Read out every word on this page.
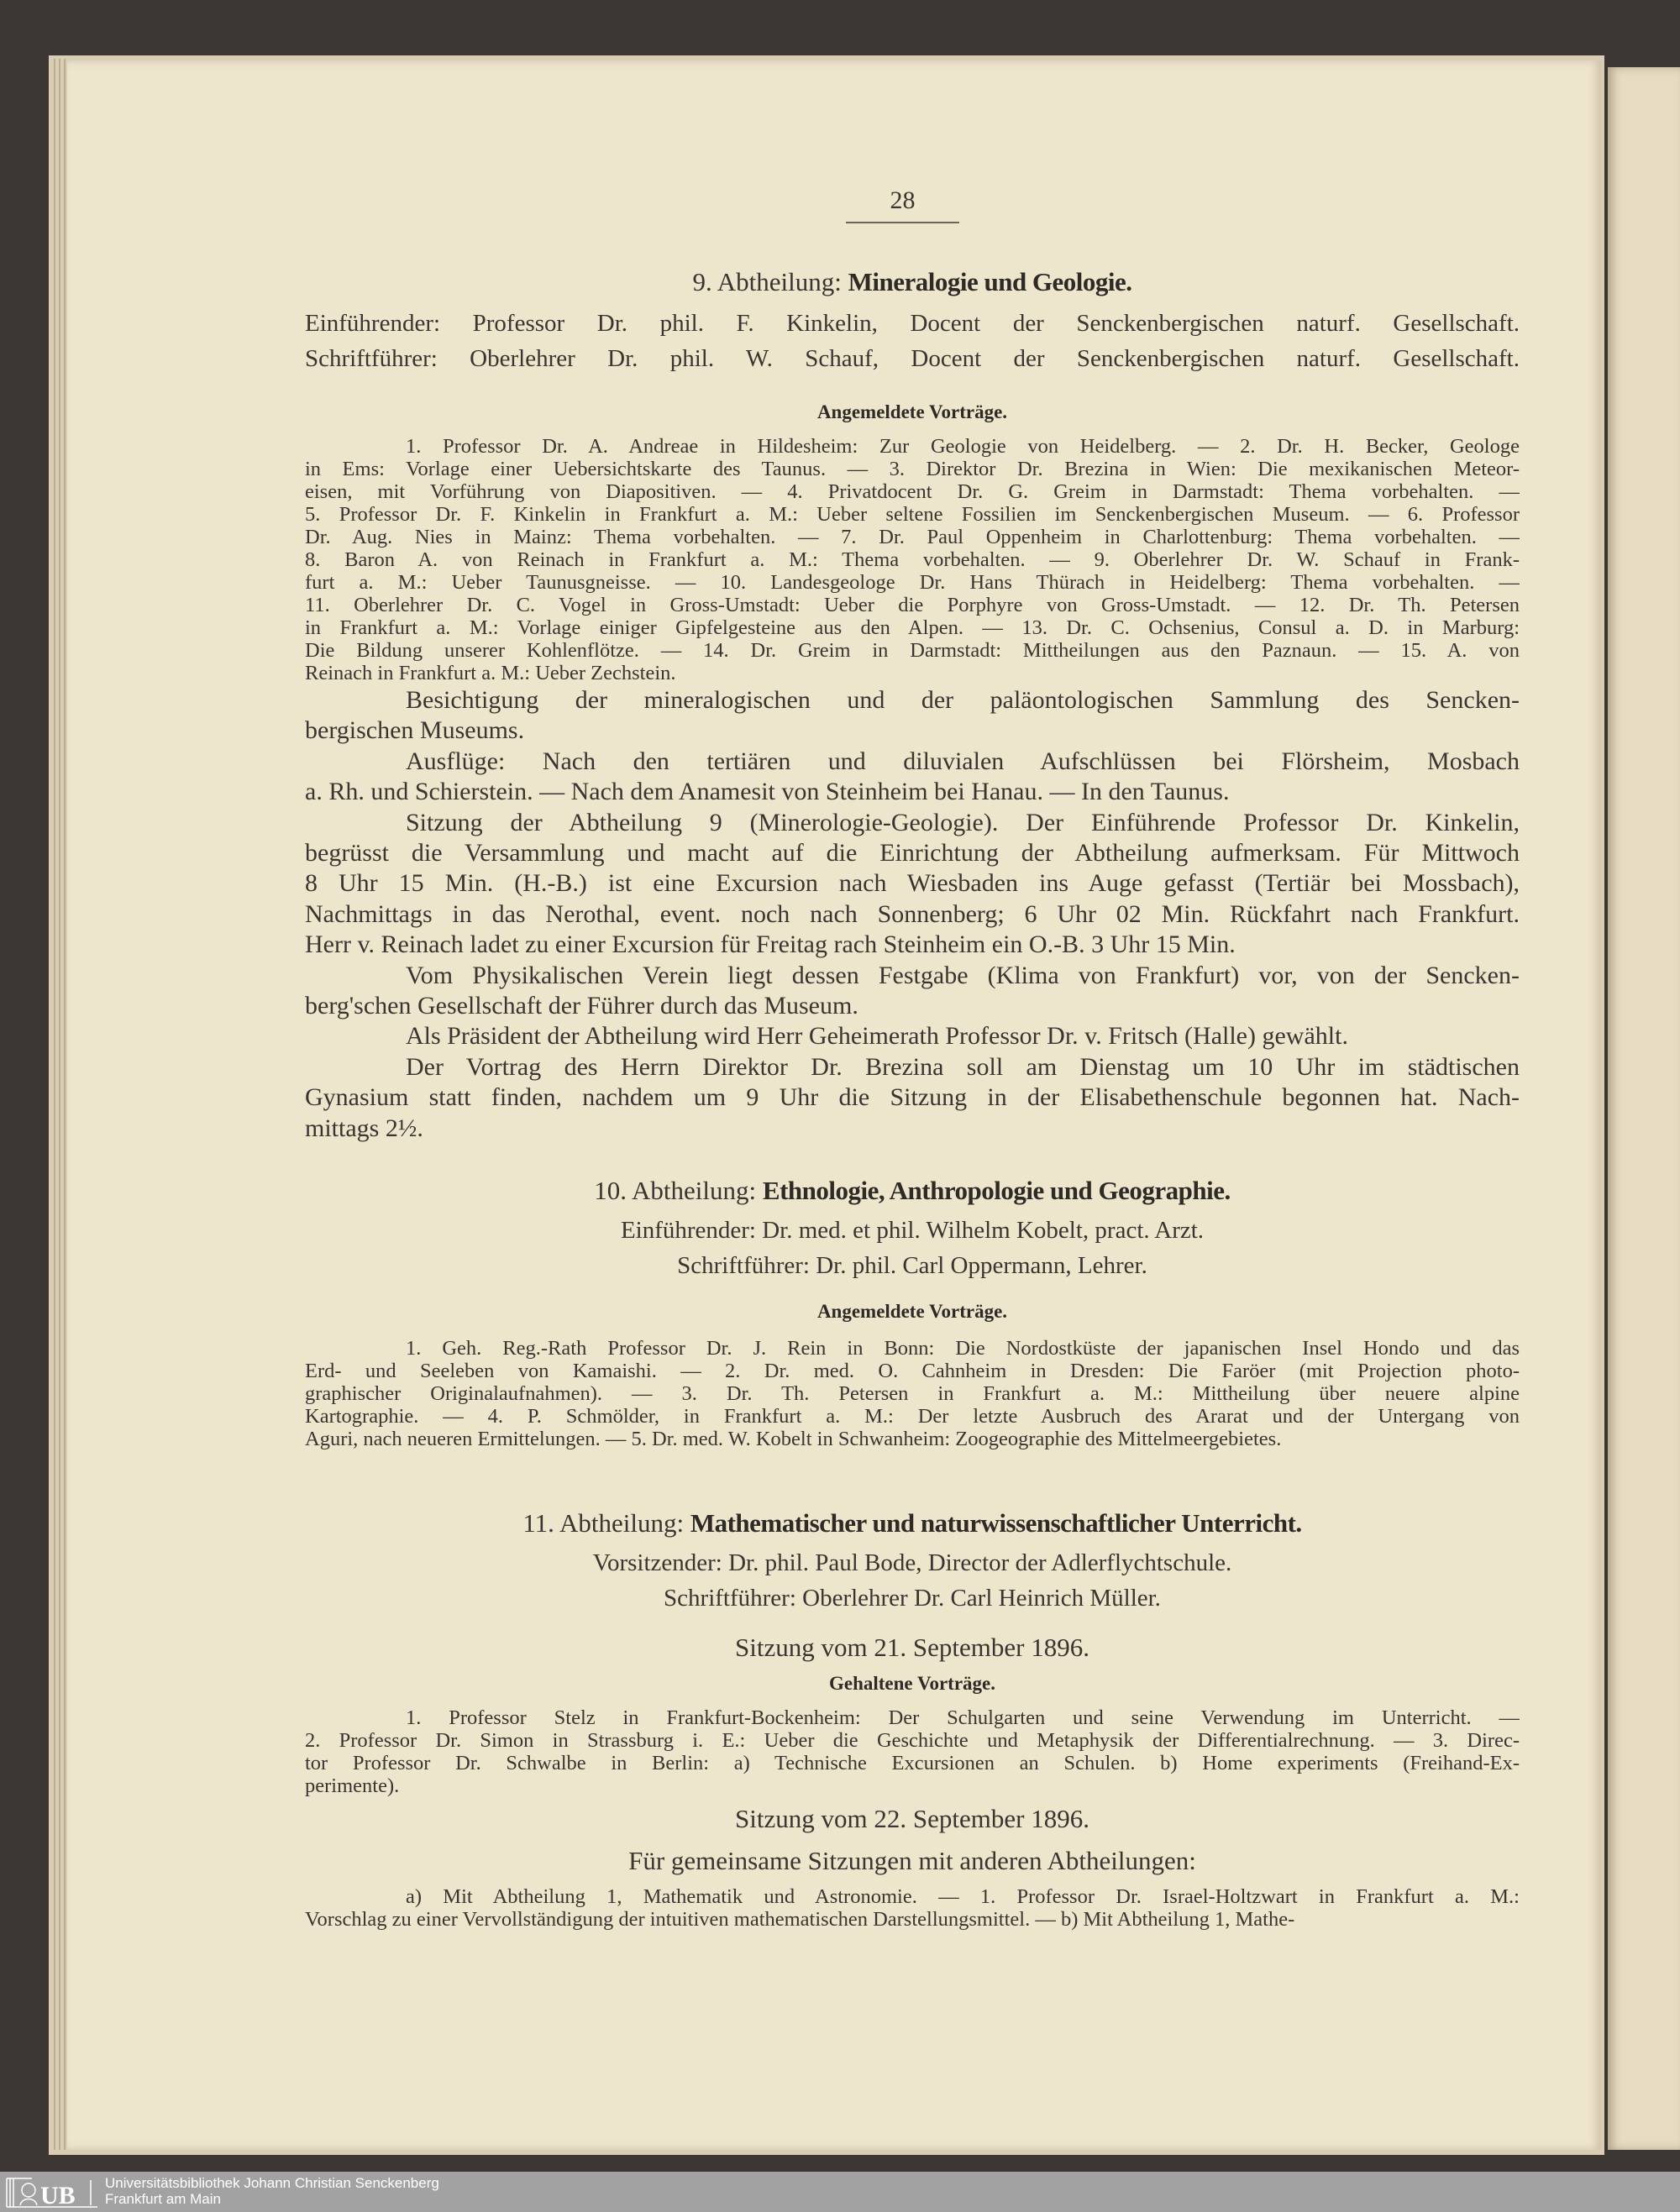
28
9. Abtheilung: Mineralogie und Geologie.
Einführender: Professor Dr. phil. F. Kinkelin, Docent der Senckenbergischen naturf. Gesellschaft.
Schriftführer: Oberlehrer Dr. phil. W. Schauf, Docent der Senckenbergischen naturf. Gesellschaft.
Angemeldete Vorträge.
1. Professor Dr. A. Andreae in Hildesheim: Zur Geologie von Heidelberg. — 2. Dr. H. Becker, Geologe
in Ems: Vorlage einer Uebersichtskarte des Taunus. — 3. Direktor Dr. Brezina in Wien: Die mexikanischen Meteor-
eisen, mit Vorführung von Diapositiven. — 4. Privatdocent Dr. G. Greim in Darmstadt: Thema vorbehalten. —
5. Professor Dr. F. Kinkelin in Frankfurt a. M.: Ueber seltene Fossilien im Senckenbergischen Museum. — 6. Professor
Dr. Aug. Nies in Mainz: Thema vorbehalten. — 7. Dr. Paul Oppenheim in Charlottenburg: Thema vorbehalten. —
8. Baron A. von Reinach in Frankfurt a. M.: Thema vorbehalten. — 9. Oberlehrer Dr. W. Schauf in Frank-
furt a. M.: Ueber Taunusgneisse. — 10. Landesgeologe Dr. Hans Thürach in Heidelberg: Thema vorbehalten. —
11. Oberlehrer Dr. C. Vogel in Gross-Umstadt: Ueber die Porphyre von Gross-Umstadt. — 12. Dr. Th. Petersen
in Frankfurt a. M.: Vorlage einiger Gipfelgesteine aus den Alpen. — 13. Dr. C. Ochsenius, Consul a. D. in Marburg:
Die Bildung unserer Kohlenflötze. — 14. Dr. Greim in Darmstadt: Mittheilungen aus den Paznaun. — 15. A. von
Reinach in Frankfurt a. M.: Ueber Zechstein.
Besichtigung der mineralogischen und der paläontologischen Sammlung des Sencken-
bergischen Museums.
Ausflüge: Nach den tertiären und diluvialen Aufschlüssen bei Flörsheim, Mosbach
a. Rh. und Schierstein. — Nach dem Anamesit von Steinheim bei Hanau. — In den Taunus.
Sitzung der Abtheilung 9 (Minerologie-Geologie). Der Einführende Professor Dr. Kinkelin,
begrüsst die Versammlung und macht auf die Einrichtung der Abtheilung aufmerksam. Für Mittwoch
8 Uhr 15 Min. (H.-B.) ist eine Excursion nach Wiesbaden ins Auge gefasst (Tertiär bei Mossbach),
Nachmittags in das Nerothal, event. noch nach Sonnenberg; 6 Uhr 02 Min. Rückfahrt nach Frankfurt.
Herr v. Reinach ladet zu einer Excursion für Freitag rach Steinheim ein O.-B. 3 Uhr 15 Min.
Vom Physikalischen Verein liegt dessen Festgabe (Klima von Frankfurt) vor, von der Sencken-
berg'schen Gesellschaft der Führer durch das Museum.
Als Präsident der Abtheilung wird Herr Geheimerath Professor Dr. v. Fritsch (Halle) gewählt.
Der Vortrag des Herrn Direktor Dr. Brezina soll am Dienstag um 10 Uhr im städtischen
Gynasium statt finden, nachdem um 9 Uhr die Sitzung in der Elisabethenschule begonnen hat. Nach-
mittags 2½.
10. Abtheilung: Ethnologie, Anthropologie und Geographie.
Einführender: Dr. med. et phil. Wilhelm Kobelt, pract. Arzt.
Schriftführer: Dr. phil. Carl Oppermann, Lehrer.
Angemeldete Vorträge.
1. Geh. Reg.-Rath Professor Dr. J. Rein in Bonn: Die Nordostküste der japanischen Insel Hondo und das
Erd- und Seeleben von Kamaishi. — 2. Dr. med. O. Cahnheim in Dresden: Die Faröer (mit Projection photo-
graphischer Originalaufnahmen). — 3. Dr. Th. Petersen in Frankfurt a. M.: Mittheilung über neuere alpine
Kartographie. — 4. P. Schmölder, in Frankfurt a. M.: Der letzte Ausbruch des Ararat und der Untergang von
Aguri, nach neueren Ermittelungen. — 5. Dr. med. W. Kobelt in Schwanheim: Zoogeographie des Mittelmeergebietes.
11. Abtheilung: Mathematischer und naturwissenschaftlicher Unterricht.
Vorsitzender: Dr. phil. Paul Bode, Director der Adlerflychtschule.
Schriftführer: Oberlehrer Dr. Carl Heinrich Müller.
Sitzung vom 21. September 1896.
Gehaltene Vorträge.
1. Professor Stelz in Frankfurt-Bockenheim: Der Schulgarten und seine Verwendung im Unterricht. —
2. Professor Dr. Simon in Strassburg i. E.: Ueber die Geschichte und Metaphysik der Differentialrechnung. — 3. Direc-
tor Professor Dr. Schwalbe in Berlin: a) Technische Excursionen an Schulen. b) Home experiments (Freihand-Ex-
perimente).
Sitzung vom 22. September 1896.
Für gemeinsame Sitzungen mit anderen Abtheilungen:
a) Mit Abtheilung 1, Mathematik und Astronomie. — 1. Professor Dr. Israel-Holtzwart in Frankfurt a. M.:
Vorschlag zu einer Vervollständigung der intuitiven mathematischen Darstellungsmittel. — b) Mit Abtheilung 1, Mathe-
UB Universitätsbibliothek Johann Christian Senckenberg
Frankfurt am Main
